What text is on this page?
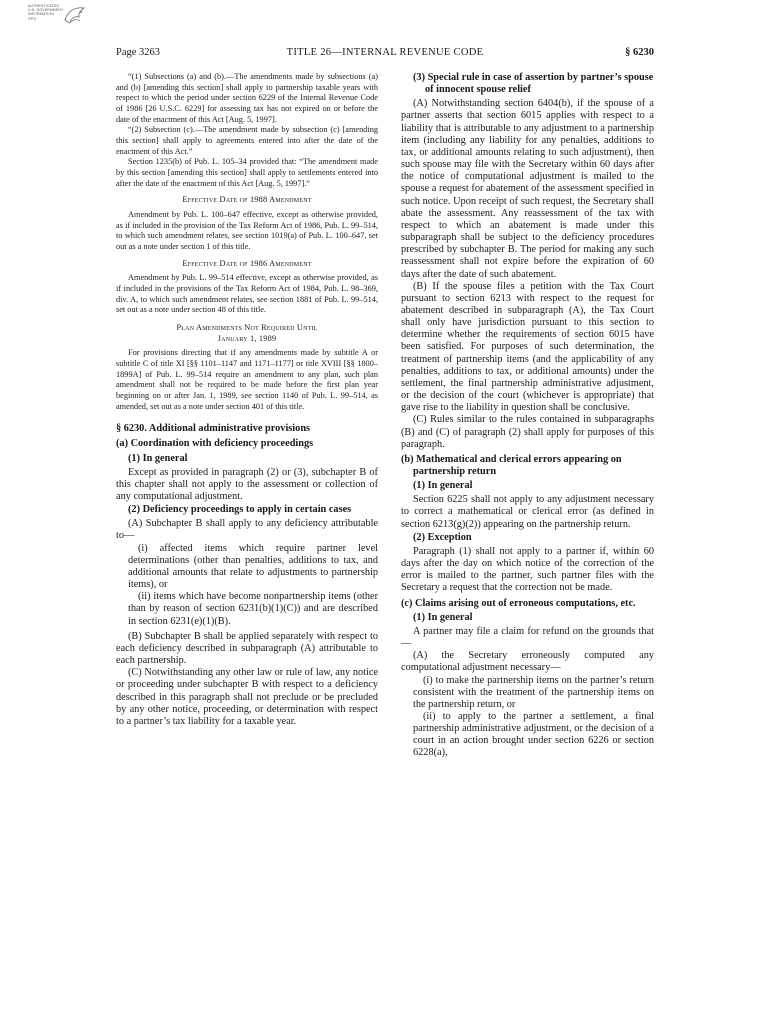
AUTHENTICATED
U.S. GOVERNMENT
INFORMATION
GPO
Page 3263	TITLE 26—INTERNAL REVENUE CODE	§ 6230

“(1) Subsections (a) and (b).—The amendments made by subsections (a) and (b) [amending this section] shall apply to partnership taxable years with respect to which the period under section 6229 of the Internal Revenue Code of 1986 [26 U.S.C. 6229] for assessing tax has not expired on or before the date of the enactment of this Act [Aug. 5, 1997].

“(2) Subsection (c).—The amendment made by subsection (c) [amending this section] shall apply to agreements entered into after the date of the enactment of this Act.”

Section 1235(b) of Pub. L. 105–34 provided that: “The amendment made by this section [amending this section] shall apply to settlements entered into after the date of the enactment of this Act [Aug. 5, 1997].”

Effective Date of 1988 Amendment

Amendment by Pub. L. 100–647 effective, except as otherwise provided, as if included in the provision of the Tax Reform Act of 1986, Pub. L. 99–514, to which such amendment relates, see section 1019(a) of Pub. L. 100–647, set out as a note under section 1 of this title.

Effective Date of 1986 Amendment

Amendment by Pub. L. 99–514 effective, except as otherwise provided, as if included in the provisions of the Tax Reform Act of 1984, Pub. L. 98–369, div. A, to which such amendment relates, see section 1881 of Pub. L. 99–514, set out as a note under section 48 of this title.

Plan Amendments Not Required Until
January 1, 1989

For provisions directing that if any amendments made by subtitle A or subtitle C of title XI [§§ 1101–1147 and 1171–1177] or title XVIII [§§ 1800–1899A] of Pub. L. 99–514 require an amendment to any plan, such plan amendment shall not be required to be made before the first plan year beginning on or after Jan. 1, 1989, see section 1140 of Pub. L. 99–514, as amended, set out as a note under section 401 of this title.

§ 6230. Additional administrative provisions
(a) Coordination with deficiency proceedings
(1) In general

Except as provided in paragraph (2) or (3), subchapter B of this chapter shall not apply to the assessment or collection of any computational adjustment.

(2) Deficiency proceedings to apply in certain cases

(A) Subchapter B shall apply to any deficiency attributable to—

(i) affected items which require partner level determinations (other than penalties, additions to tax, and additional amounts that relate to adjustments to partnership items), or

(ii) items which have become nonpartnership items (other than by reason of section 6231(b)(1)(C)) and are described in section 6231(e)(1)(B).

(B) Subchapter B shall be applied separately with respect to each deficiency described in subparagraph (A) attributable to each partnership.

(C) Notwithstanding any other law or rule of law, any notice or proceeding under subchapter B with respect to a deficiency described in this paragraph shall not preclude or be precluded by any other notice, proceeding, or determination with respect to a partner’s tax liability for a taxable year.

(3) Special rule in case of assertion by partner’s spouse of innocent spouse relief

(A) Notwithstanding section 6404(b), if the spouse of a partner asserts that section 6015 applies with respect to a liability that is attributable to any adjustment to a partnership item (including any liability for any penalties, additions to tax, or additional amounts relating to such adjustment), then such spouse may file with the Secretary within 60 days after the notice of computational adjustment is mailed to the spouse a request for abatement of the assessment specified in such notice. Upon receipt of such request, the Secretary shall abate the assessment. Any reassessment of the tax with respect to which an abatement is made under this subparagraph shall be subject to the deficiency procedures prescribed by subchapter B. The period for making any such reassessment shall not expire before the expiration of 60 days after the date of such abatement.

(B) If the spouse files a petition with the Tax Court pursuant to section 6213 with respect to the request for abatement described in subparagraph (A), the Tax Court shall only have jurisdiction pursuant to this section to determine whether the requirements of section 6015 have been satisfied. For purposes of such determination, the treatment of partnership items (and the applicability of any penalties, additions to tax, or additional amounts) under the settlement, the final partnership administrative adjustment, or the decision of the court (whichever is appropriate) that gave rise to the liability in question shall be conclusive.

(C) Rules similar to the rules contained in subparagraphs (B) and (C) of paragraph (2) shall apply for purposes of this paragraph.

(b) Mathematical and clerical errors appearing on partnership return
(1) In general

Section 6225 shall not apply to any adjustment necessary to correct a mathematical or clerical error (as defined in section 6213(g)(2)) appearing on the partnership return.

(2) Exception

Paragraph (1) shall not apply to a partner if, within 60 days after the day on which notice of the correction of the error is mailed to the partner, such partner files with the Secretary a request that the correction not be made.

(c) Claims arising out of erroneous computations, etc.
(1) In general

A partner may file a claim for refund on the grounds that—

(A) the Secretary erroneously computed any computational adjustment necessary—

(i) to make the partnership items on the partner’s return consistent with the treatment of the partnership items on the partnership return, or

(ii) to apply to the partner a settlement, a final partnership administrative adjustment, or the decision of a court in an action brought under section 6226 or section 6228(a),
